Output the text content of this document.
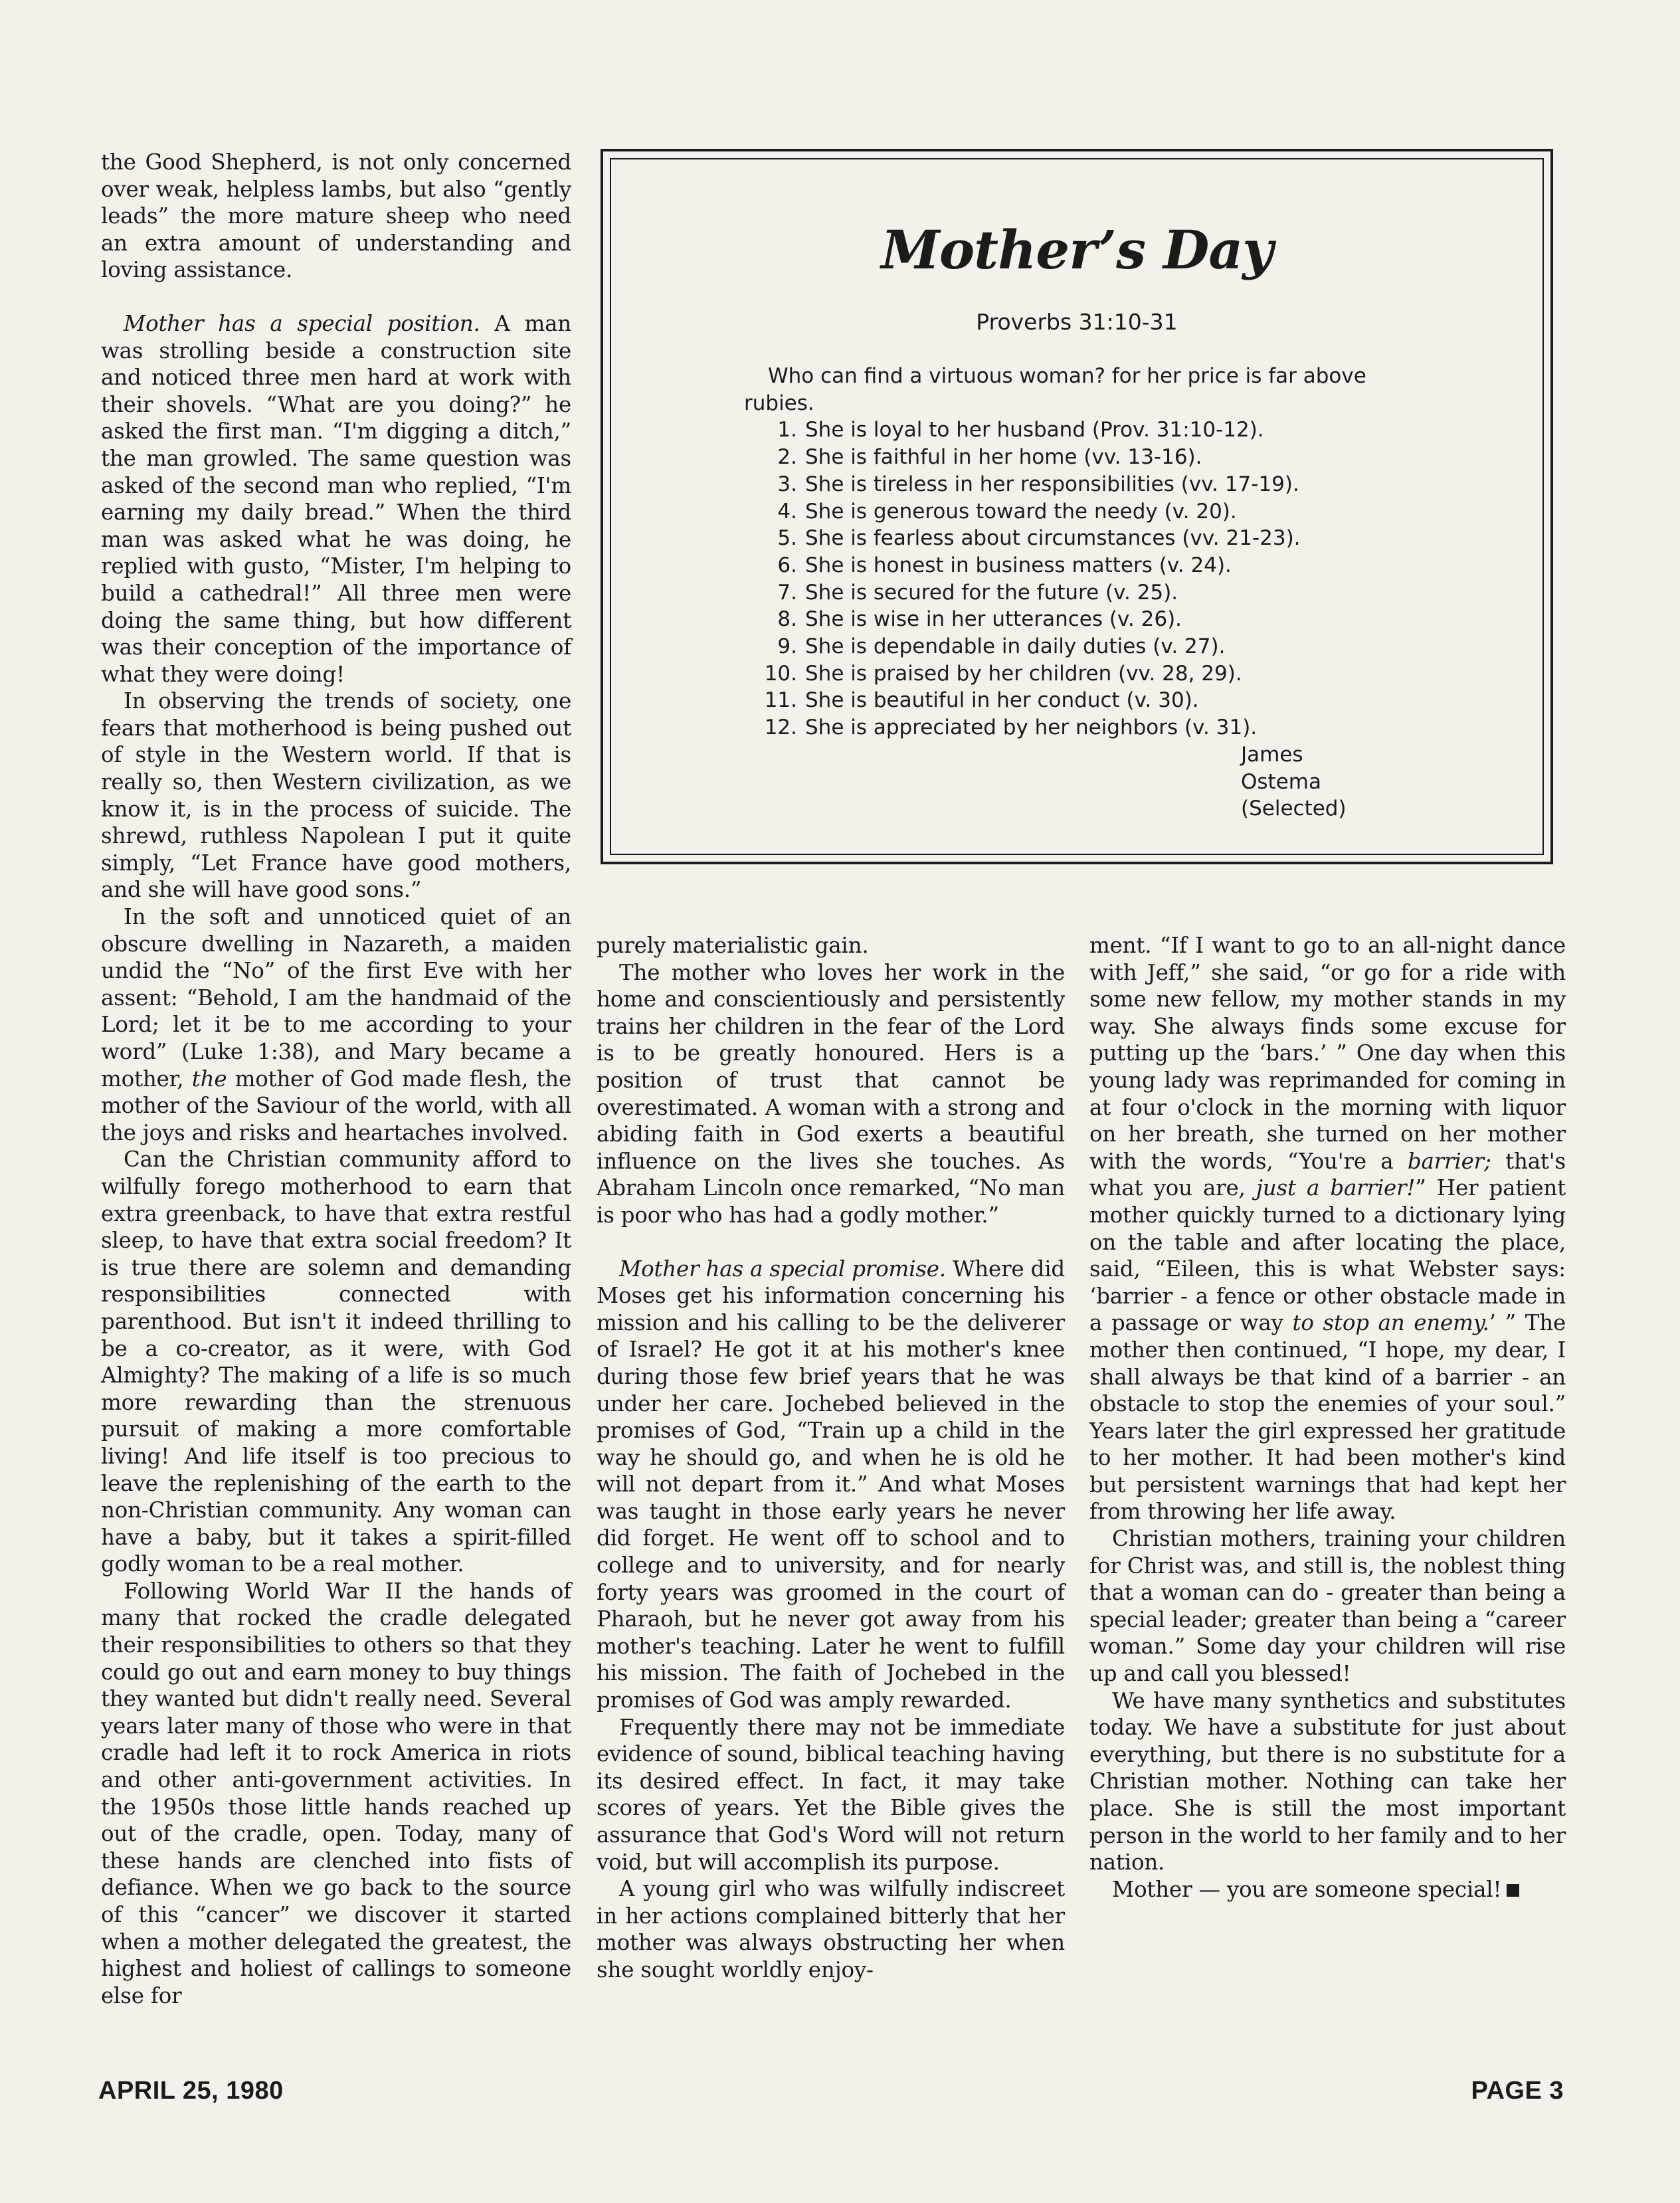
the Good Shepherd, is not only concerned over weak, helpless lambs, but also “gently leads” the more mature sheep who need an extra amount of understanding and loving assistance.

Mother has a special position. A man was strolling beside a construction site and noticed three men hard at work with their shovels. “What are you doing?” he asked the first man. “I'm digging a ditch,” the man growled. The same question was asked of the second man who replied, “I'm earning my daily bread.” When the third man was asked what he was doing, he replied with gusto, “Mister, I'm helping to build a cathedral!” All three men were doing the same thing, but how different was their conception of the importance of what they were doing!

In observing the trends of society, one fears that motherhood is being pushed out of style in the Western world. If that is really so, then Western civilization, as we know it, is in the process of suicide. The shrewd, ruthless Napolean I put it quite simply, “Let France have good mothers, and she will have good sons.”

In the soft and unnoticed quiet of an obscure dwelling in Nazareth, a maiden undid the “No” of the first Eve with her assent: “Behold, I am the handmaid of the Lord; let it be to me according to your word” (Luke 1:38), and Mary became a mother, the mother of God made flesh, the mother of the Saviour of the world, with all the joys and risks and heartaches involved.

Can the Christian community afford to wilfully forego motherhood to earn that extra greenback, to have that extra restful sleep, to have that extra social freedom? It is true there are solemn and demanding responsibilities connected with parenthood. But isn't it indeed thrilling to be a co-creator, as it were, with God Almighty? The making of a life is so much more rewarding than the strenuous pursuit of making a more comfortable living! And life itself is too precious to leave the replenishing of the earth to the non-Christian community. Any woman can have a baby, but it takes a spirit-filled godly woman to be a real mother.

Following World War II the hands of many that rocked the cradle delegated their responsibilities to others so that they could go out and earn money to buy things they wanted but didn't really need. Several years later many of those who were in that cradle had left it to rock America in riots and other anti-government activities. In the 1950s those little hands reached up out of the cradle, open. Today, many of these hands are clenched into fists of defiance. When we go back to the source of this “cancer” we discover it started when a mother delegated the greatest, the highest and holiest of callings to someone else for

Mother’s Day
Proverbs 31:10-31

Who can find a virtuous woman? for her price is far above rubies.

1. She is loyal to her husband (Prov. 31:10-12).
2. She is faithful in her home (vv. 13-16).
3. She is tireless in her responsibilities (vv. 17-19).
4. She is generous toward the needy (v. 20).
5. She is fearless about circumstances (vv. 21-23).
6. She is honest in business matters (v. 24).
7. She is secured for the future (v. 25).
8. She is wise in her utterances (v. 26).
9. She is dependable in daily duties (v. 27).
10. She is praised by her children (vv. 28, 29).
11. She is beautiful in her conduct (v. 30).
12. She is appreciated by her neighbors (v. 31).
James Ostema
(Selected)

purely materialistic gain.

The mother who loves her work in the home and conscientiously and persistently trains her children in the fear of the Lord is to be greatly honoured. Hers is a position of trust that cannot be overestimated. A woman with a strong and abiding faith in God exerts a beautiful influence on the lives she touches. As Abraham Lincoln once remarked, “No man is poor who has had a godly mother.”

Mother has a special promise. Where did Moses get his information concerning his mission and his calling to be the deliverer of Israel? He got it at his mother's knee during those few brief years that he was under her care. Jochebed believed in the promises of God, “Train up a child in the way he should go, and when he is old he will not depart from it.” And what Moses was taught in those early years he never did forget. He went off to school and to college and to university, and for nearly forty years was groomed in the court of Pharaoh, but he never got away from his mother's teaching. Later he went to fulfill his mission. The faith of Jochebed in the promises of God was amply rewarded.

Frequently there may not be immediate evidence of sound, biblical teaching having its desired effect. In fact, it may take scores of years. Yet the Bible gives the assurance that God's Word will not return void, but will accomplish its purpose.

A young girl who was wilfully indiscreet in her actions complained bitterly that her mother was always obstructing her when she sought worldly enjoy-

ment. “If I want to go to an all-night dance with Jeff,” she said, “or go for a ride with some new fellow, my mother stands in my way. She always finds some excuse for putting up the ‘bars.’ ” One day when this young lady was reprimanded for coming in at four o'clock in the morning with liquor on her breath, she turned on her mother with the words, “You're a barrier; that's what you are, just a barrier!” Her patient mother quickly turned to a dictionary lying on the table and after locating the place, said, “Eileen, this is what Webster says: ‘barrier - a fence or other obstacle made in a passage or way to stop an enemy.’ ” The mother then continued, “I hope, my dear, I shall always be that kind of a barrier - an obstacle to stop the enemies of your soul.” Years later the girl expressed her gratitude to her mother. It had been mother's kind but persistent warnings that had kept her from throwing her life away.

Christian mothers, training your children for Christ was, and still is, the noblest thing that a woman can do - greater than being a special leader; greater than being a “career woman.” Some day your children will rise up and call you blessed!

We have many synthetics and substitutes today. We have a substitute for just about everything, but there is no substitute for a Christian mother. Nothing can take her place. She is still the most important person in the world to her family and to her nation.

Mother — you are someone special!

APRIL 25, 1980	PAGE 3
